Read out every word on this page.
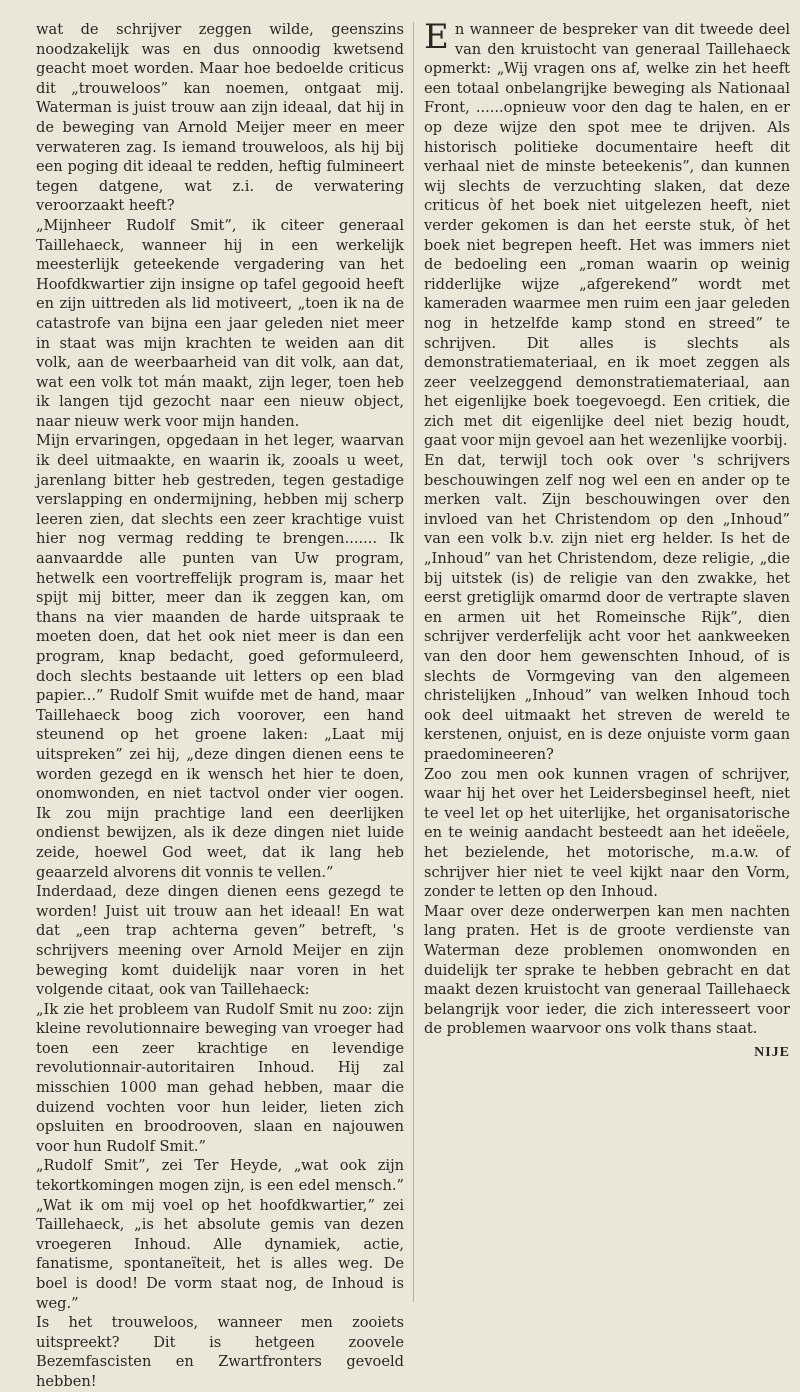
wat de schrijver zeggen wilde, geenszins noodzakelijk was en dus onnoodig kwetsend geacht moet worden. Maar hoe bedoelde criticus dit „trouweloos” kan noemen, ontgaat mij. Waterman is juist trouw aan zijn ideaal, dat hij in de beweging van Arnold Meijer meer en meer verwateren zag. Is iemand trouweloos, als hij bij een poging dit ideaal te redden, heftig fulmineert tegen datgene, wat z.i. de verwatering veroorzaakt heeft?

„Mijnheer Rudolf Smit”, ik citeer generaal Taillehaeck, wanneer hij in een werkelijk meesterlijk geteekende vergadering van het Hoofdkwartier zijn insigne op tafel gegooid heeft en zijn uittreden als lid motiveert, „toen ik na de catastrofe van bijna een jaar geleden niet meer in staat was mijn krachten te weiden aan dit volk, aan de weerbaarheid van dit volk, aan dat, wat een volk tot mán maakt, zijn leger, toen heb ik langen tijd gezocht naar een nieuw object, naar nieuw werk voor mijn handen.

Mijn ervaringen, opgedaan in het leger, waarvan ik deel uitmaakte, en waarin ik, zooals u weet, jarenlang bitter heb gestreden, tegen gestadige verslapping en ondermijning, hebben mij scherp leeren zien, dat slechts een zeer krachtige vuist hier nog vermag redding te brengen....... Ik aanvaardde alle punten van Uw program, hetwelk een voortreffelijk program is, maar het spijt mij bitter, meer dan ik zeggen kan, om thans na vier maanden de harde uitspraak te moeten doen, dat het ook niet meer is dan een program, knap bedacht, goed geformuleerd, doch slechts bestaande uit letters op een blad papier...” Rudolf Smit wuifde met de hand, maar Taillehaeck boog zich voorover, een hand steunend op het groene laken: „Laat mij uitspreken” zei hij, „deze dingen dienen eens te worden gezegd en ik wensch het hier te doen, onomwonden, en niet tactvol onder vier oogen. Ik zou mijn prachtige land een deerlijken ondienst bewijzen, als ik deze dingen niet luide zeide, hoewel God weet, dat ik lang heb geaarzeld alvorens dit vonnis te vellen.”

Inderdaad, deze dingen dienen eens gezegd te worden! Juist uit trouw aan het ideaal! En wat dat „een trap achterna geven” betreft, 's schrijvers meening over Arnold Meijer en zijn beweging komt duidelijk naar voren in het volgende citaat, ook van Taillehaeck:

„Ik zie het probleem van Rudolf Smit nu zoo: zijn kleine revolutionnaire beweging van vroeger had toen een zeer krachtige en levendige revolutionnair-autoritairen Inhoud. Hij zal misschien 1000 man gehad hebben, maar die duizend vochten voor hun leider, lieten zich opsluiten en broodrooven, slaan en najouwen voor hun Rudolf Smit.”

„Rudolf Smit”, zei Ter Heyde, „wat ook zijn tekortkomingen mogen zijn, is een edel mensch.” „Wat ik om mij voel op het hoofdkwartier,” zei Taillehaeck, „is het absolute gemis van dezen vroegeren Inhoud. Alle dynamiek, actie, fanatisme, spontaneïteit, het is alles weg. De boel is dood! De vorm staat nog, de Inhoud is weg.”

Is het trouweloos, wanneer men zooiets uitspreekt? Dit is hetgeen zoovele Bezemfascisten en Zwartfronters gevoeld hebben!

En wanneer de bespreker van dit tweede deel van den kruistocht van generaal Taillehaeck opmerkt: „Wij vragen ons af, welke zin het heeft een totaal onbelangrijke beweging als Nationaal Front, ......opnieuw voor den dag te halen, en er op deze wijze den spot mee te drijven. Als historisch politieke documentaire heeft dit verhaal niet de minste beteekenis”, dan kunnen wij slechts de verzuchting slaken, dat deze criticus òf het boek niet uitgelezen heeft, niet verder gekomen is dan het eerste stuk, òf het boek niet begrepen heeft. Het was immers niet de bedoeling een „roman waarin op weinig ridderlijke wijze „afgerekend” wordt met kameraden waarmee men ruim een jaar geleden nog in hetzelfde kamp stond en streed” te schrijven. Dit alles is slechts als demonstratiemateriaal, en ik moet zeggen als zeer veelzeggend demonstratiemateriaal, aan het eigenlijke boek toegevoegd. Een critiek, die zich met dit eigenlijke deel niet bezig houdt, gaat voor mijn gevoel aan het wezenlijke voorbij.

En dat, terwijl toch ook over 's schrijvers beschouwingen zelf nog wel een en ander op te merken valt. Zijn beschouwingen over den invloed van het Christendom op den „Inhoud” van een volk b.v. zijn niet erg helder. Is het de „Inhoud” van het Christendom, deze religie, „die bij uitstek (is) de religie van den zwakke, het eerst gretiglijk omarmd door de vertrapte slaven en armen uit het Romeinsche Rijk”, dien schrijver verderfelijk acht voor het aankweeken van den door hem gewenschten Inhoud, of is slechts de Vormgeving van den algemeen christelijken „Inhoud” van welken Inhoud toch ook deel uitmaakt het streven de wereld te kerstenen, onjuist, en is deze onjuiste vorm gaan praedomineeren?

Zoo zou men ook kunnen vragen of schrijver, waar hij het over het Leidersbeginsel heeft, niet te veel let op het uiterlijke, het organisatorische en te weinig aandacht besteedt aan het ideëele, het bezielende, het motorische, m.a.w. of schrijver hier niet te veel kijkt naar den Vorm, zonder te letten op den Inhoud.

Maar over deze onderwerpen kan men nachten lang praten. Het is de groote verdienste van Waterman deze problemen onomwonden en duidelijk ter sprake te hebben gebracht en dat maakt dezen kruistocht van generaal Taillehaeck belangrijk voor ieder, die zich interesseert voor de problemen waarvoor ons volk thans staat.

NIJE
